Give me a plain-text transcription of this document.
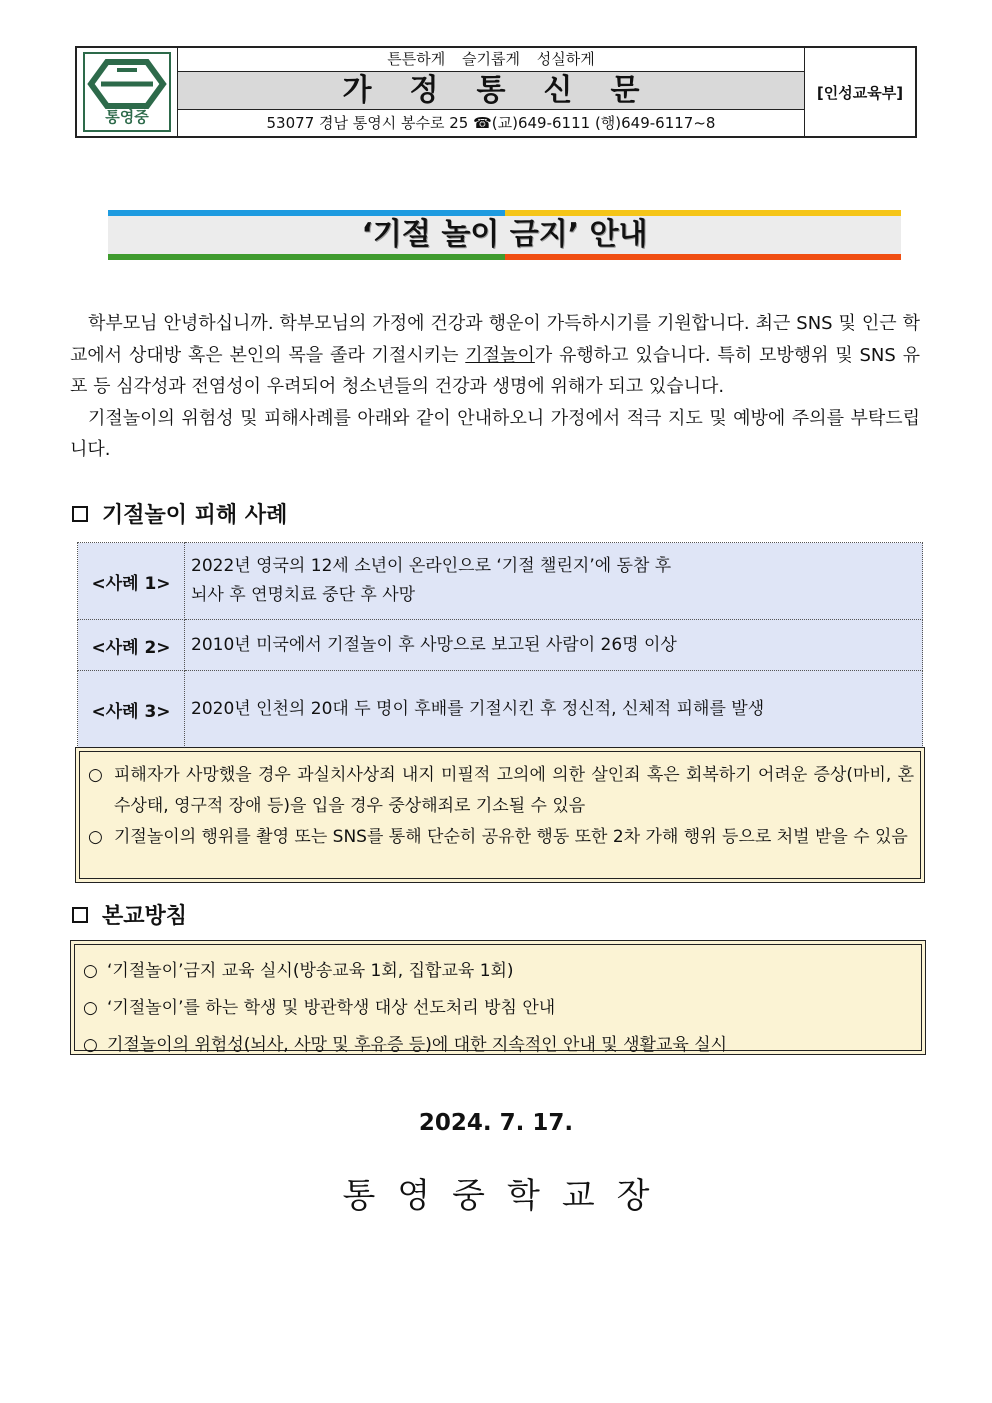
통영중
튼튼하게 슬기롭게 성실하게
가정통신문
53077 경남 통영시 봉수로 25 ☎(교)649-6111 (행)649-6117~8
[인성교육부]
‘기절 놀이 금지’ 안내

학부모님 안녕하십니까. 학부모님의 가정에 건강과 행운이 가득하시기를 기원합니다. 최근 SNS 및 인근 학교에서 상대방 혹은 본인의 목을 졸라 기절시키는 기절놀이가 유행하고 있습니다. 특히 모방행위 및 SNS 유포 등 심각성과 전염성이 우려되어 청소년들의 건강과 생명에 위해가 되고 있습니다.

기절놀이의 위험성 및 피해사례를 아래와 같이 안내하오니 가정에서 적극 지도 및 예방에 주의를 부탁드립니다.

기절놀이 피해 사례
<사례 1>	2022년 영국의 12세 소년이 온라인으로 ‘기절 챌린지’에 동참 후
뇌사 후 연명치료 중단 후 사망

<사례 2>	2010년 미국에서 기절놀이 후 사망으로 보고된 사람이 26명 이상

<사례 3>	2020년 인천의 20대 두 명이 후배를 기절시킨 후 정신적, 신체적 피해를 발생
○ 피해자가 사망했을 경우 과실치사상죄 내지 미필적 고의에 의한 살인죄 혹은 회복하기 어려운 증상(마비, 혼수상태, 영구적 장애 등)을 입을 경우 중상해죄로 기소될 수 있음
○ 기절놀이의 행위를 촬영 또는 SNS를 통해 단순히 공유한 행동 또한 2차 가해 행위 등으로 처벌 받을 수 있음
본교방침
○ ‘기절놀이’금지 교육 실시(방송교육 1회, 집합교육 1회)
○ ‘기절놀이’를 하는 학생 및 방관학생 대상 선도처리 방침 안내
○ 기절놀이의 위험성(뇌사, 사망 및 후유증 등)에 대한 지속적인 안내 및 생활교육 실시
2024. 7. 17.
통영중학교장
